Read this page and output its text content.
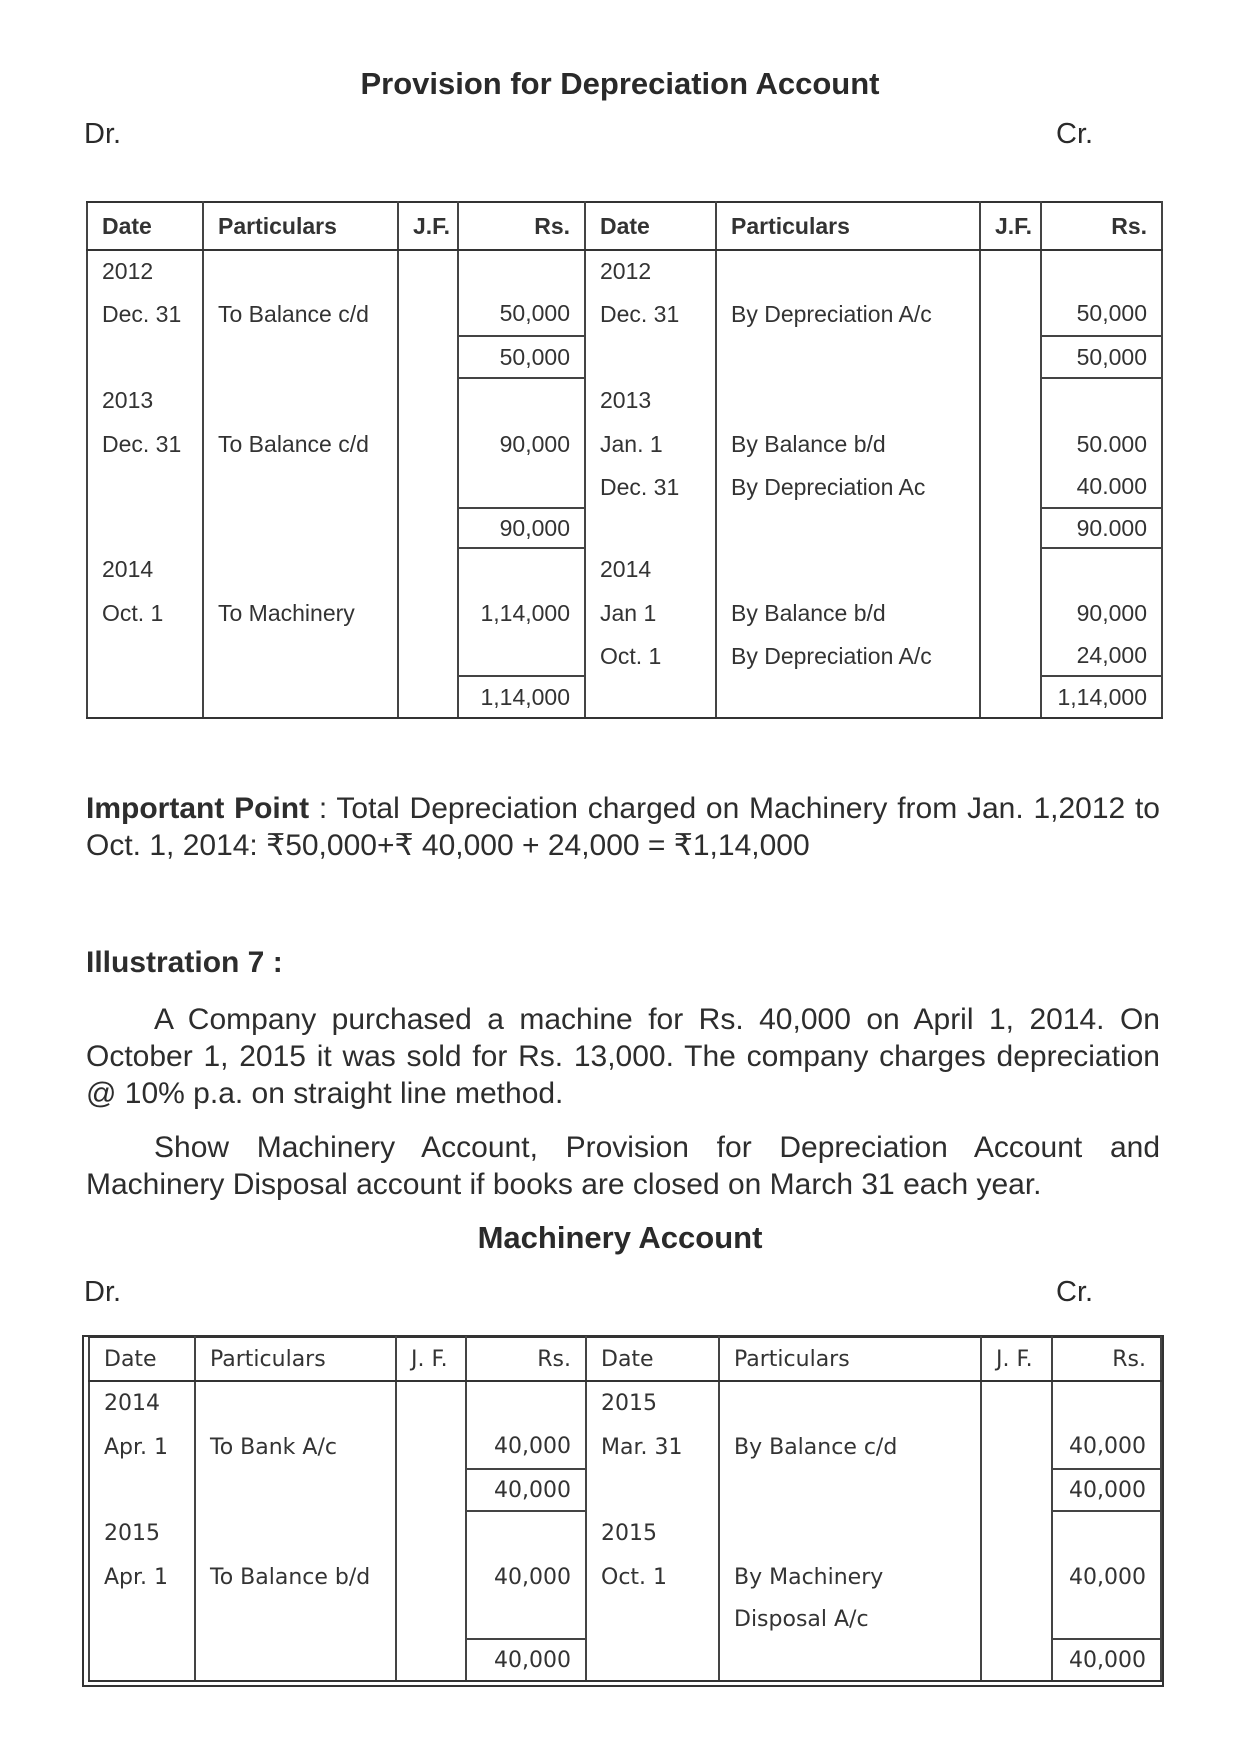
Provision for Depreciation Account
Dr.	Cr.
Date	Particulars	J.F.	Rs.	Date	Particulars	J.F.	Rs.
2012				2012			
Dec. 31	To Balance c/d		50,000	Dec. 31	By Depreciation A/c		50,000
			50,000				50,000
2013				2013			
Dec. 31	To Balance c/d		90,000	Jan. 1	By Balance b/d		50.000
				Dec. 31	By Depreciation Ac		40.000
			90,000				90.000
2014				2014			
Oct. 1	To Machinery		1,14,000	Jan 1	By Balance b/d		90,000
				Oct. 1	By Depreciation A/c		24,000
			1,14,000				1,14,000
Important Point : Total Depreciation charged on Machinery from Jan. 1,2012 to Oct. 1, 2014: ₹50,000+₹ 40,000 + 24,000 = ₹1,14,000
Illustration 7 :
A Company purchased a machine for Rs. 40,000 on April 1, 2014. On October 1, 2015 it was sold for Rs. 13,000. The company charges depreciation @ 10% p.a. on straight line method.
Show Machinery Account, Provision for Depreciation Account and Machinery Disposal account if books are closed on March 31 each year.
Machinery Account
Dr.	Cr.
Date	Particulars	J. F.	Rs.	Date	Particulars	J. F.	Rs.
2014				2015			
Apr. 1	To Bank A/c		40,000	Mar. 31	By Balance c/d		40,000
			40,000				40,000
2015				2015			
Apr. 1	To Balance b/d		40,000	Oct. 1	By Machinery		40,000
					Disposal A/c		
			40,000				40,000
